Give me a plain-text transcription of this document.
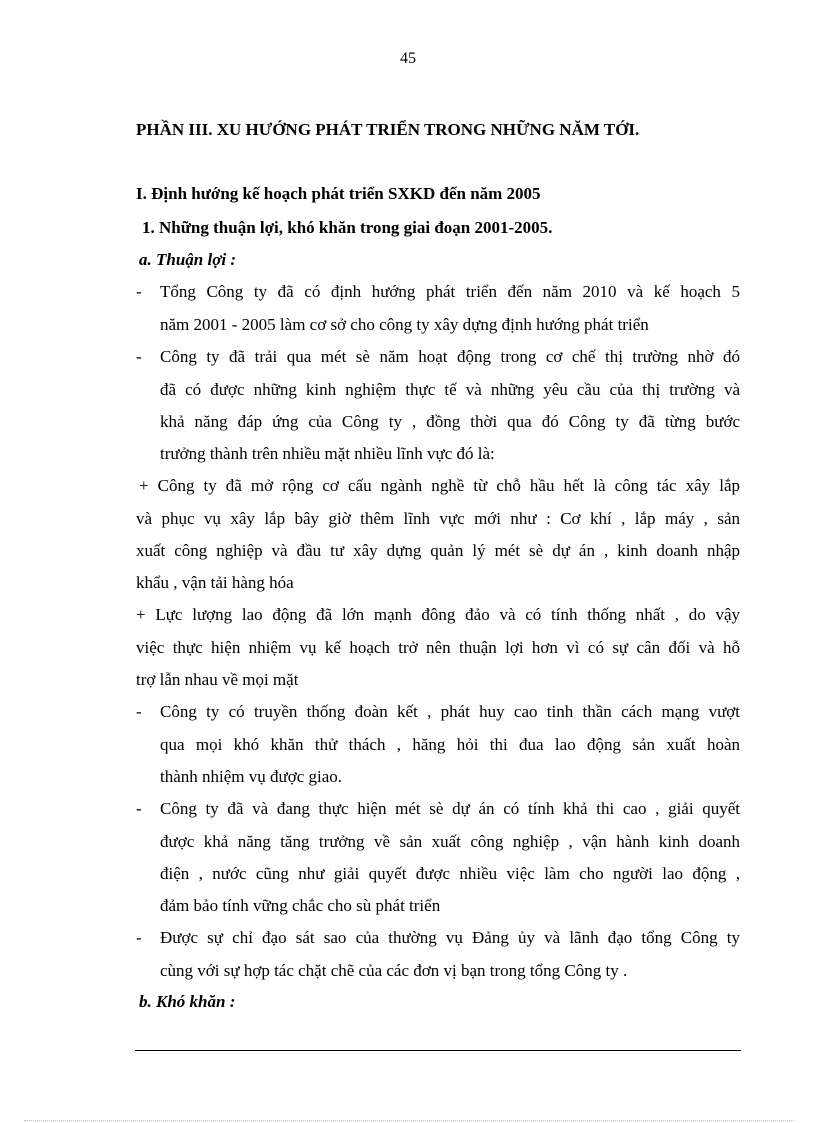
45
PHẦN III. XU HƯỚNG PHÁT TRIỂN TRONG NHỮNG NĂM TỚI.
I. Định hướng kế hoạch phát triển SXKD đến năm 2005
1. Những thuận lợi, khó khăn trong giai đoạn 2001-2005.
a. Thuận lợi :
- Tổng Công ty đã có định hướng phát triển đến năm 2010 và kế hoạch 5
năm 2001 - 2005 làm cơ sở cho công ty xây dựng định hướng phát triển
- Công ty đã trải qua mét sè năm hoạt động trong cơ chế thị trường nhờ đó
đã có được những kinh nghiệm thực tế và những yêu cầu của thị trường và
khả năng đáp ứng của Công ty , đồng thời qua đó Công ty đã từng bước
trưởng thành trên nhiều mặt nhiều lĩnh vực đó là:
+ Công ty đã mở rộng cơ cấu ngành nghề từ chỗ hầu hết là công tác xây lắp
và phục vụ xây lắp bây giờ thêm lĩnh vực mới như : Cơ khí , lắp máy , sản
xuất công nghiệp và đầu tư xây dựng quản lý mét sè dự án , kinh doanh nhập
khẩu , vận tải hàng hóa
+ Lực lượng lao động đã lớn mạnh đông đảo và có tính thống nhất , do vậy
việc thực hiện nhiệm vụ kế hoạch trở nên thuận lợi hơn vì có sự cân đối và hỗ
trợ lẫn nhau về mọi mặt
- Công ty có truyền thống đoàn kết , phát huy cao tinh thần cách mạng vượt
qua mọi khó khăn thử thách , hăng hỏi thi đua lao động sản xuất hoàn
thành nhiệm vụ được giao.
- Công ty đã và đang thực hiện mét sè dự án có tính khả thi cao , giải quyết
được khả năng tăng trưởng về sản xuất công nghiệp , vận hành kinh doanh
điện , nước cũng như giải quyết được nhiều việc làm cho người lao động ,
đảm bảo tính vững chắc cho sù phát triển
- Được sự chỉ đạo sát sao của thường vụ Đảng ủy và lãnh đạo tổng Công ty
cùng với sự hợp tác chặt chẽ của các đơn vị bạn trong tổng Công ty .
b. Khó khăn :
